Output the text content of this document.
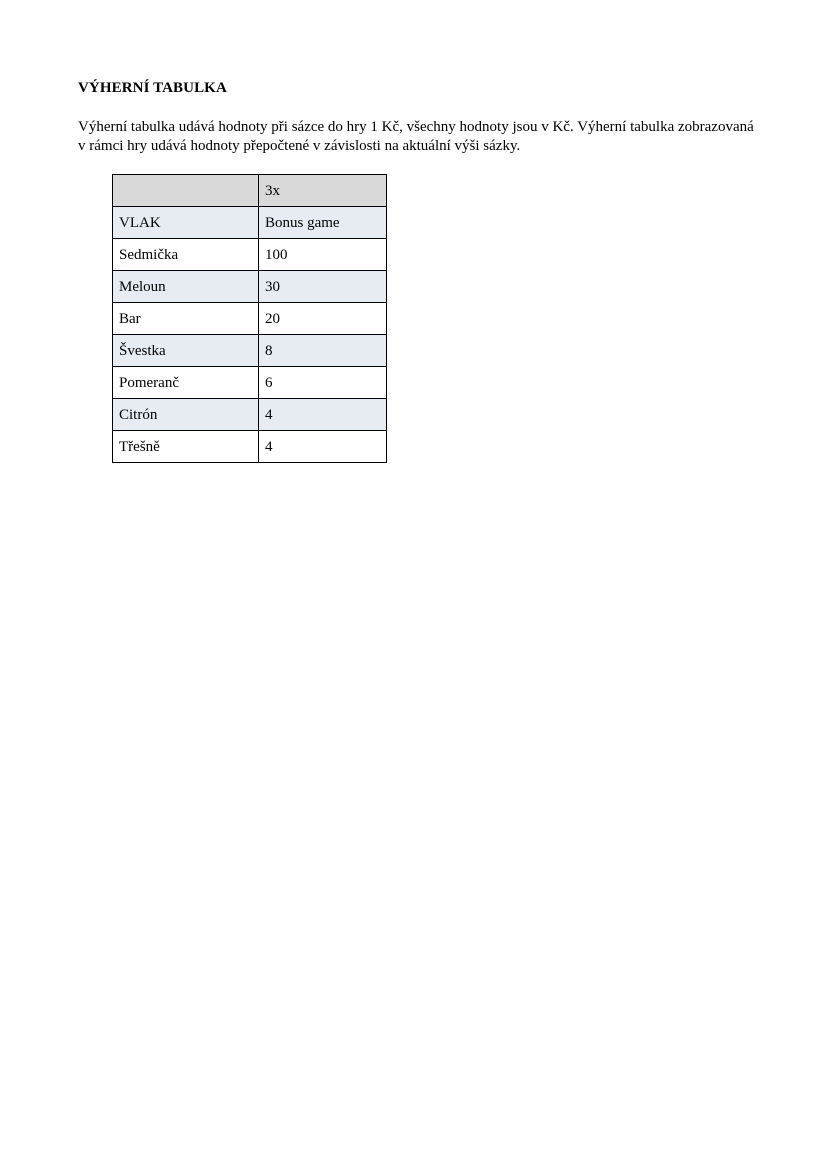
VÝHERNÍ TABULKA

Výherní tabulka udává hodnoty při sázce do hry 1 Kč, všechny hodnoty jsou v Kč. Výherní tabulka zobrazovaná v rámci hry udává hodnoty přepočtené v závislosti na aktuální výši sázky.

	3x
VLAK	Bonus game
Sedmička	100
Meloun	30
Bar	20
Švestka	8
Pomeranč	6
Citrón	4
Třešně	4
